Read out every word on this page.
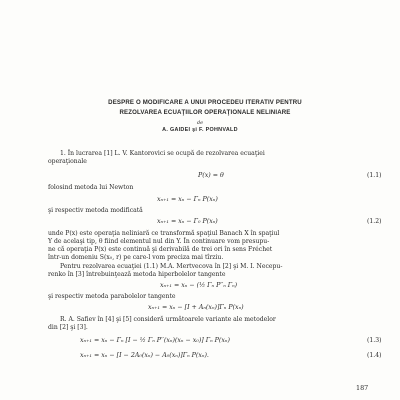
DESPRE O MODIFICARE A UNUI PROCEDEU ITERATIV PENTRU
REZOLVAREA ECUAŢIILOR OPERAŢIONALE NELINIARE
de
A. GAIDEI şi F. POHNVALD
1. În lucrarea [1] L. V. Kantorovici se ocupă de rezolvarea ecuaţiei
operaţionale
P(x) = θ	(1.1)
folosind metoda lui Newton
xₙ₊₁ = xₙ − Γₙ P(xₙ)
şi respectiv metoda modificată
xₙ₊₁ = xₙ − Γ₀ P(xₙ)	(1.2)
unde P(x) este operaţia neliniară ce transformă spaţiul Banach X în spaţiul
Y de acelaşi tip, θ fiind elementul nul din Y. În continuare vom presupu-
ne că operaţia P(x) este continuă şi derivabilă de trei ori în sens Fréchet
într-un domeniu S(x₀, r) pe care-l vom preciza mai tîrziu.
Pentru rezolvarea ecuaţiei (1.1) M.A. Mertvecova în [2] şi M. I. Necepu-
renko în [3] întrebuinţează metoda hiperbolelor tangente
xₙ₊₁ = xₙ − (½ Γₙ P′′ₙ Γₙ)
şi respectiv metoda parabolelor tangente
xₙ₊₁ = xₙ − [I + Aₙ(xₙ)]Γₙ P(xₙ)
R. A. Safiev în [4] şi [5] consideră următoarele variante ale metodelor
din [2] şi [3].
xₙ₊₁ = xₙ − Γₙ [I − ½ Γₙ P′′(xₙ)(xₙ − x₀)] Γₙ P(xₙ)	(1.3)
xₙ₊₁ = xₙ − [I − 2A₀(xₙ) − A₀(xₙ)]Γₙ P(xₙ).	(1.4)
187
